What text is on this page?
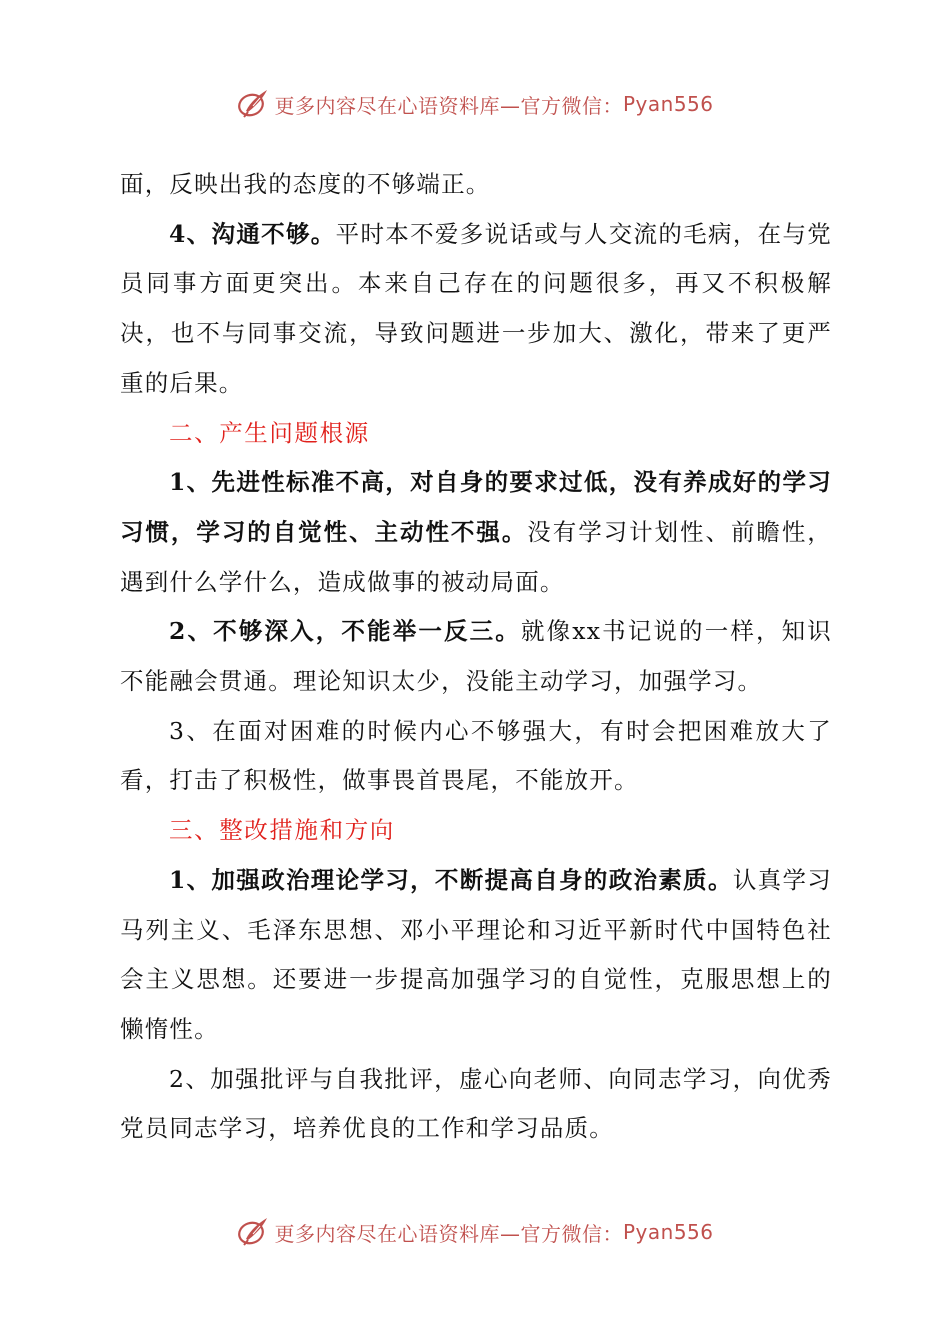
更多内容尽在心语资料库—官方微信： Pyan556

面，反映出我的态度的不够端正。

4、沟通不够。平时本不爱多说话或与人交流的毛病，在与党员同事方面更突出。本来自己存在的问题很多，再又不积极解决，也不与同事交流，导致问题进一步加大、激化，带来了更严重的后果。

二、产生问题根源

1、先进性标准不高，对自身的要求过低，没有养成好的学习习惯，学习的自觉性、主动性不强。没有学习计划性、前瞻性，遇到什么学什么，造成做事的被动局面。

2、不够深入，不能举一反三。就像xx书记说的一样，知识不能融会贯通。理论知识太少，没能主动学习，加强学习。

3、在面对困难的时候内心不够强大，有时会把困难放大了看，打击了积极性，做事畏首畏尾，不能放开。

三、整改措施和方向

1、加强政治理论学习，不断提高自身的政治素质。认真学习马列主义、毛泽东思想、邓小平理论和习近平新时代中国特色社会主义思想。还要进一步提高加强学习的自觉性，克服思想上的懒惰性。

2、加强批评与自我批评，虚心向老师、向同志学习，向优秀党员同志学习，培养优良的工作和学习品质。

更多内容尽在心语资料库—官方微信： Pyan556
